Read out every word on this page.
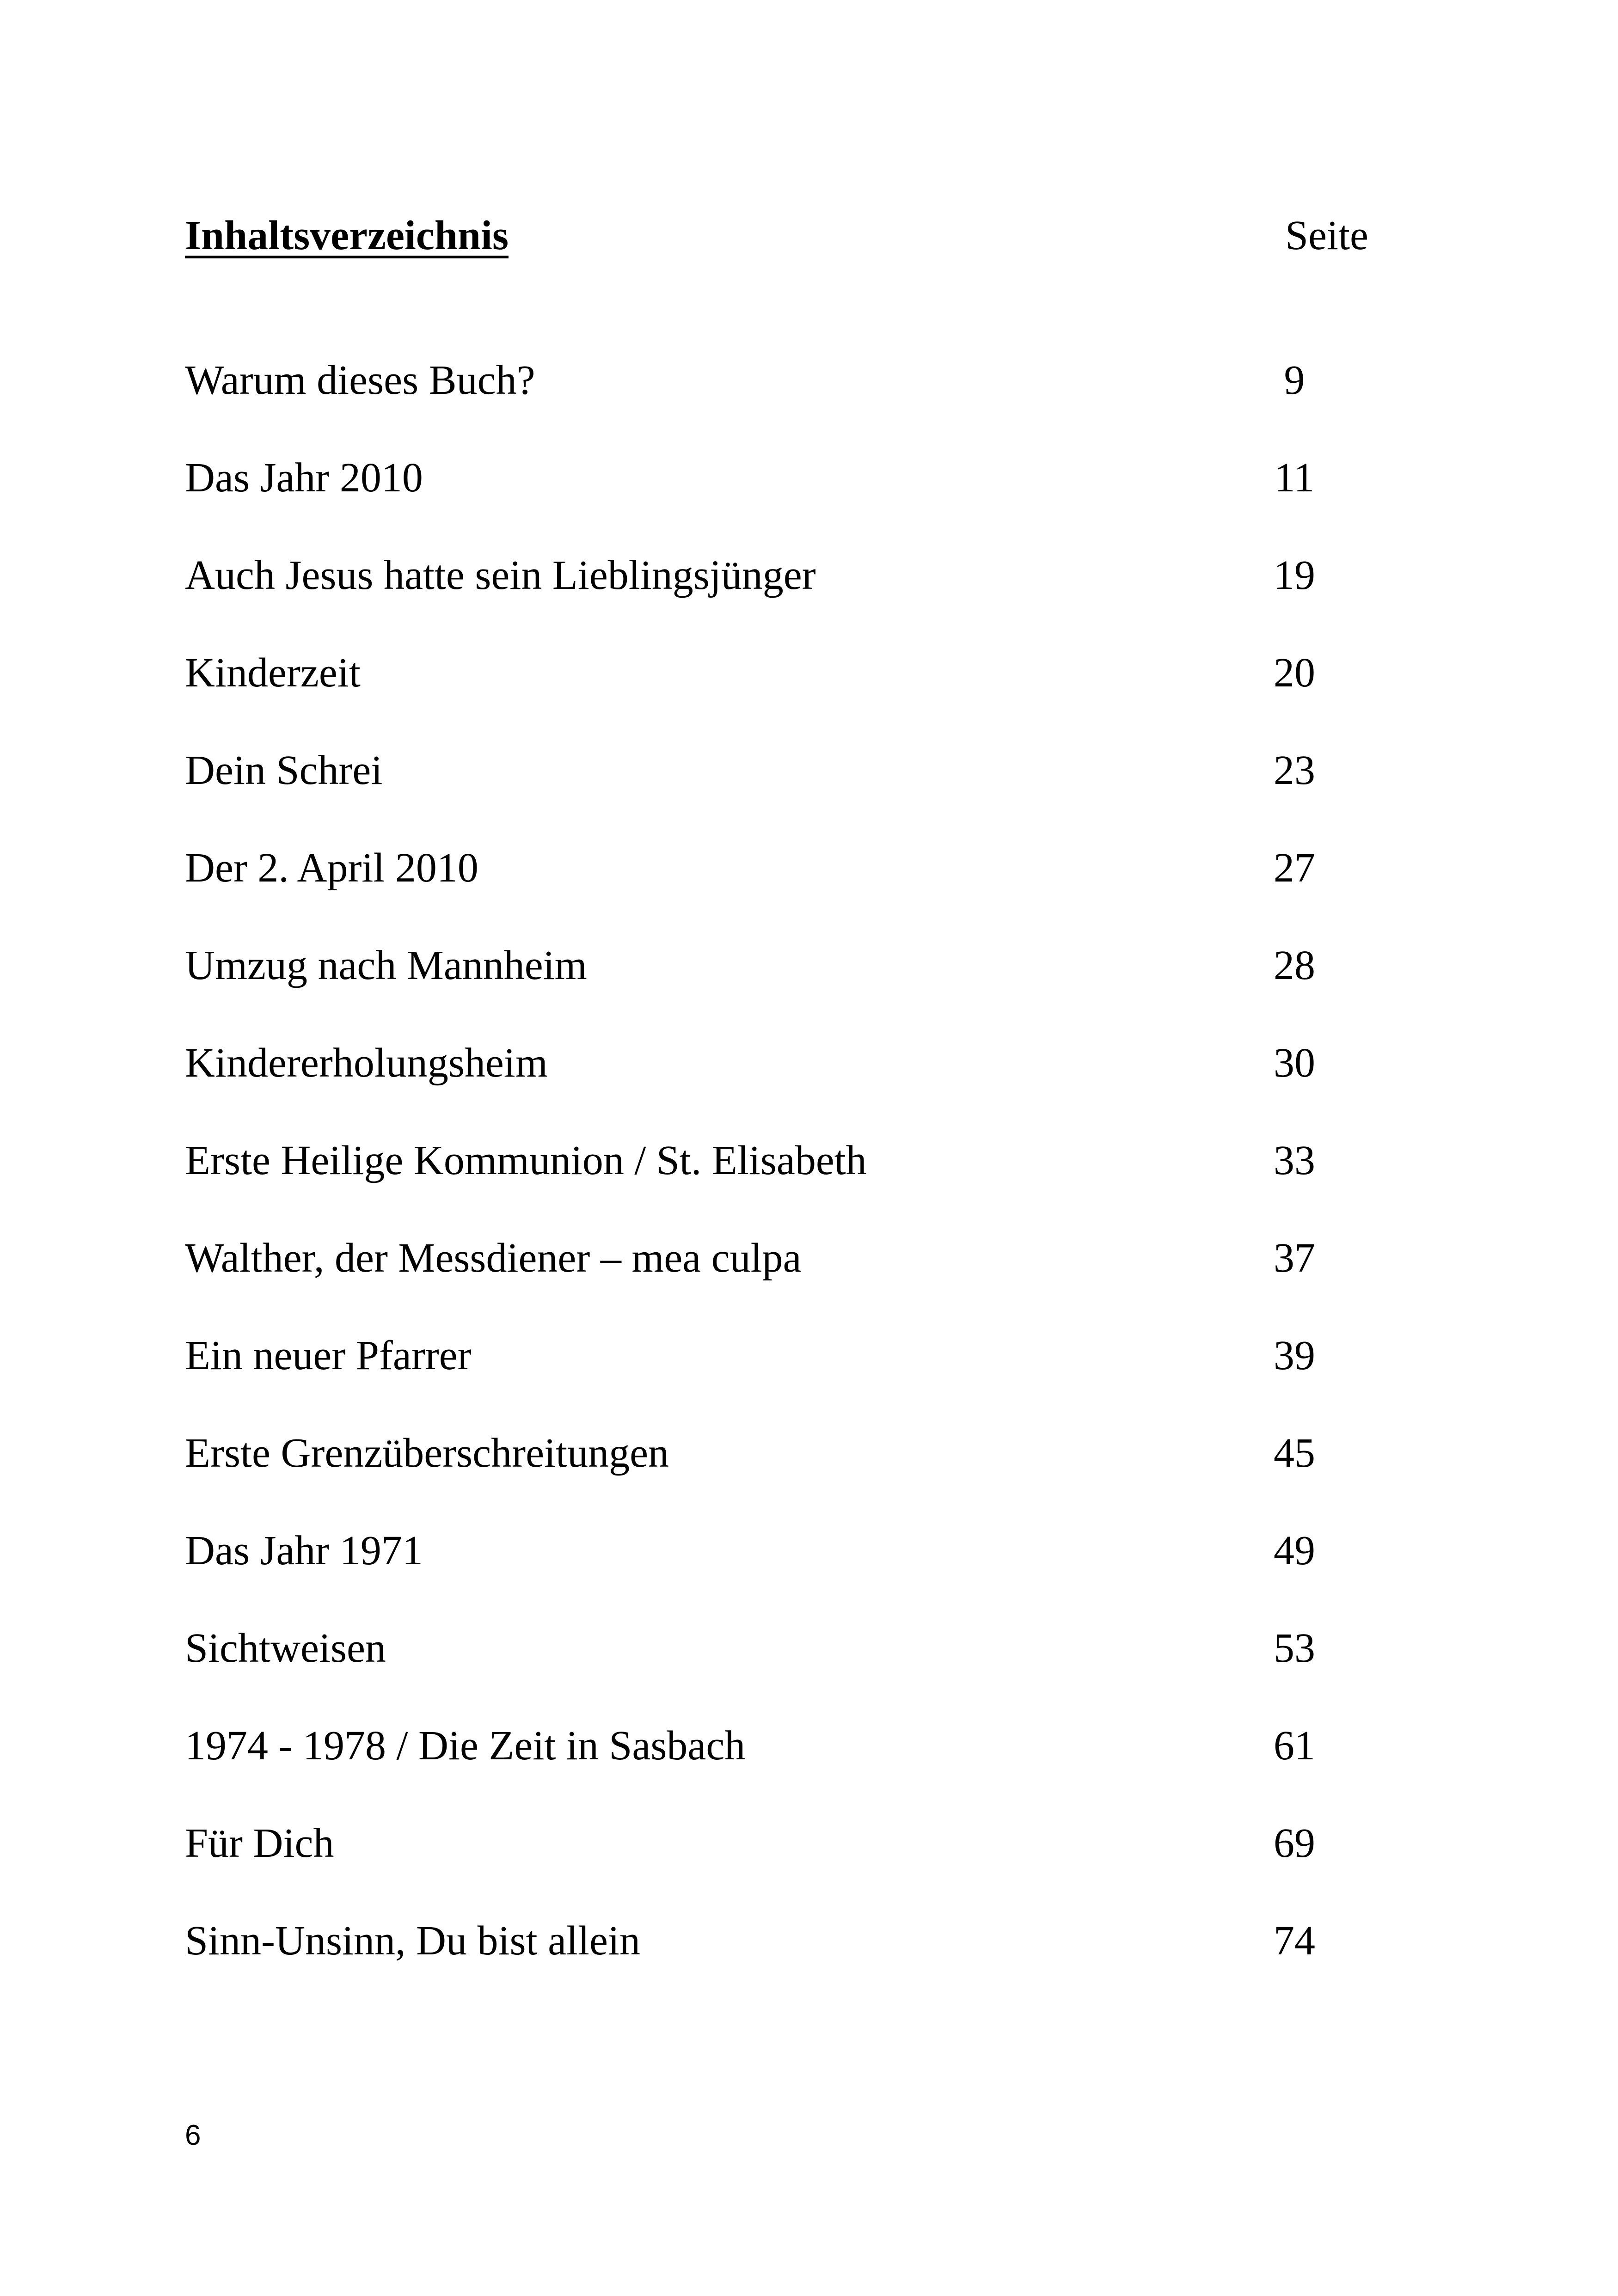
Inhaltsverzeichnis	Seite
Warum dieses Buch?	9
Das Jahr 2010	11
Auch Jesus hatte sein Lieblingsjünger	19
Kinderzeit	20
Dein Schrei	23
Der 2. April 2010	27
Umzug nach Mannheim	28
Kindererholungsheim	30
Erste Heilige Kommunion / St. Elisabeth	33
Walther, der Messdiener – mea culpa	37
Ein neuer Pfarrer	39
Erste Grenzüberschreitungen	45
Das Jahr 1971	49
Sichtweisen	53
1974 - 1978 / Die Zeit in Sasbach	61
Für Dich	69
Sinn-Unsinn, Du bist allein	74
6
